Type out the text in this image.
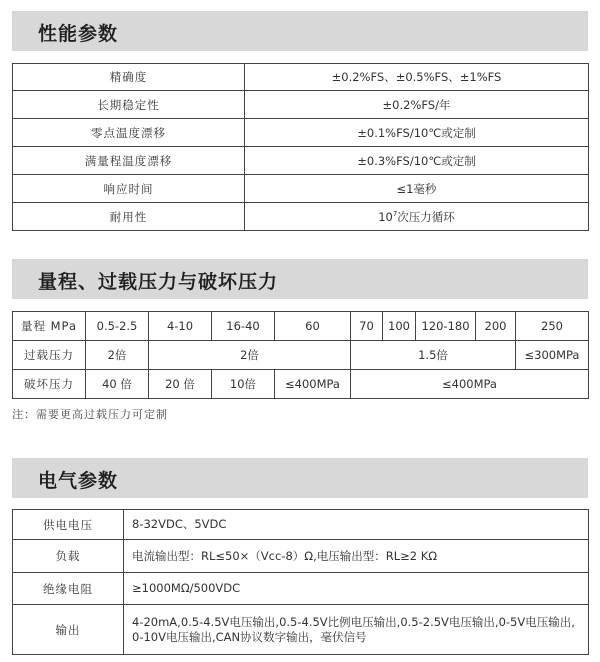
性能参数
精确度	±0.2%FS、±0.5%FS、±1%FS
长期稳定性	±0.2%FS/年
零点温度漂移	±0.1%FS/10℃或定制
满量程温度漂移	±0.3%FS/10℃或定制
响应时间	≤1毫秒
耐用性	$10^7$次压力循环
量程、过载压力与破坏压力
量程 MPa	0.5-2.5	4-10	16-40	60	70	100	120-180	200	250
过载压力	2倍	2倍			1.5倍				≤300MPa
破坏压力	40 倍	20 倍	10倍	≤400MPa	≤400MPa				
注：需要更高过载压力可定制
电气参数
供电电压	8-32VDC、5VDC
负载	电流输出型：RL≤50×（Vcc-8）Ω,电压输出型：RL≥2 KΩ
绝缘电阻	≥1000MΩ/500VDC
输出	4-20mA,0.5-4.5V电压输出,0.5-4.5V比例电压输出,0.5-2.5V电压输出,0-5V电压输出,
0-10V电压输出,CAN协议数字输出，毫伏信号
